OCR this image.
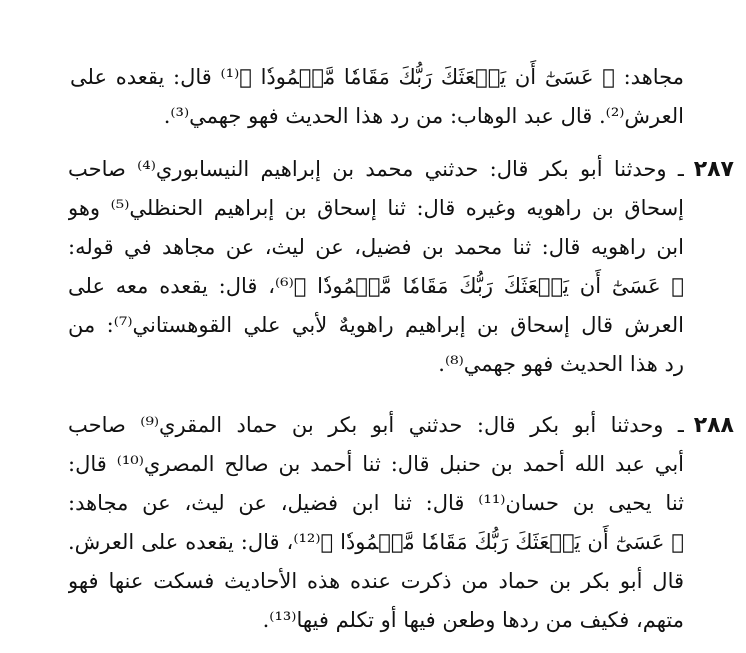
مجاهد: ﴿ عَسَىٰٓ أَن يَبۡعَثَكَ رَبُّكَ مَقَامٗا مَّحۡمُودٗا ﴾⁽¹⁾ قال: يقعده على
العرش⁽²⁾. قال عبد الوهاب: من رد هذا الحديث فهو جهمي⁽³⁾.
٢٨٧
ـ وحدثنا أبو بكر قال: حدثني محمد بن إبراهيم النيسابوري⁽⁴⁾ صاحب
إسحاق بن راهويه وغيره قال: ثنا إسحاق بن إبراهيم الحنظلي⁽⁵⁾ وهو
ابن راهويه قال: ثنا محمد بن فضيل، عن ليث، عن مجاهد في قوله:
﴿ عَسَىٰٓ أَن يَبۡعَثَكَ رَبُّكَ مَقَامٗا مَّحۡمُودٗا ﴾⁽⁶⁾، قال: يقعده معه على
العرش قال إسحاق بن إبراهيم راهويهٌ لأبي علي القوهستاني⁽⁷⁾: من
رد هذا الحديث فهو جهمي⁽⁸⁾.
٢٨٨
ـ وحدثنا أبو بكر قال: حدثني أبو بكر بن حماد المقري⁽⁹⁾ صاحب
أبي عبد الله أحمد بن حنبل قال: ثنا أحمد بن صالح المصري⁽¹⁰⁾ قال:
ثنا يحيى بن حسان⁽¹¹⁾ قال: ثنا ابن فضيل، عن ليث، عن مجاهد:
﴿ عَسَىٰٓ أَن يَبۡعَثَكَ رَبُّكَ مَقَامٗا مَّحۡمُودٗا ﴾⁽¹²⁾، قال: يقعده على العرش.
قال أبو بكر بن حماد من ذكرت عنده هذه الأحاديث فسكت عنها فهو
متهم، فكيف من ردها وطعن فيها أو تكلم فيها⁽¹³⁾.
